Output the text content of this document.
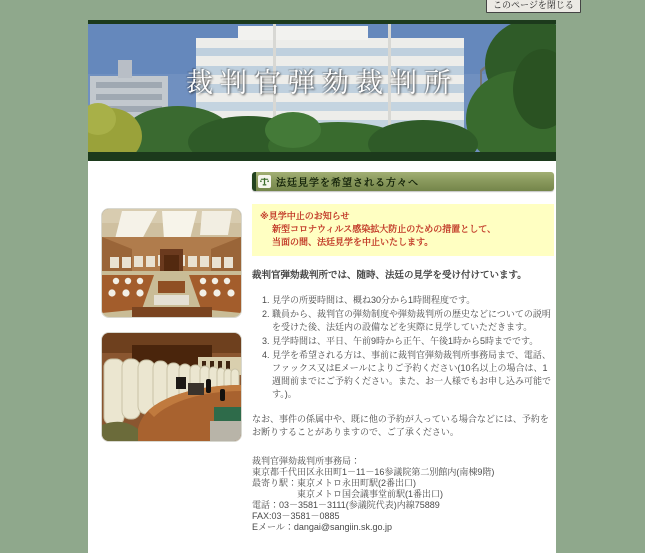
このページを閉じる
裁判官弾劾裁判所
法廷見学を希望される方々へ
※見学中止のお知らせ
新型コロナウィルス感染拡大防止のための措置として、
当面の間、法廷見学を中止いたします。
裁判官弾劾裁判所では、随時、法廷の見学を受け付けています。
1. 見学の所要時間は、概ね30分から1時間程度です。
2. 職員から、裁判官の弾劾制度や弾劾裁判所の歴史などについての説明を受けた後、法廷内の設備などを実際に見学していただきます。
3. 見学時間は、平日、午前9時から正午、午後1時から5時までです。
4. 見学を希望される方は、事前に裁判官弾劾裁判所事務局まで、電話、ファックス又はEメールによりご予約ください(10名以上の場合は、1週間前までにご予約ください。また、お一人様でもお申し込み可能です。)。
なお、事件の係属中や、既に他の予約が入っている場合などには、予約をお断りすることがありますので、ご了承ください。
裁判官弾劾裁判所事務局：
東京都千代田区永田町1－11－16参議院第二別館内(南棟9階)
最寄り駅： 東京メトロ永田町駅(2番出口)
東京メトロ国会議事堂前駅(1番出口)
電話：03－3581－3111(参議院代表)内線75889
FAX:03－3581－0885
Eメール：dangai@sangiin.sk.go.jp
